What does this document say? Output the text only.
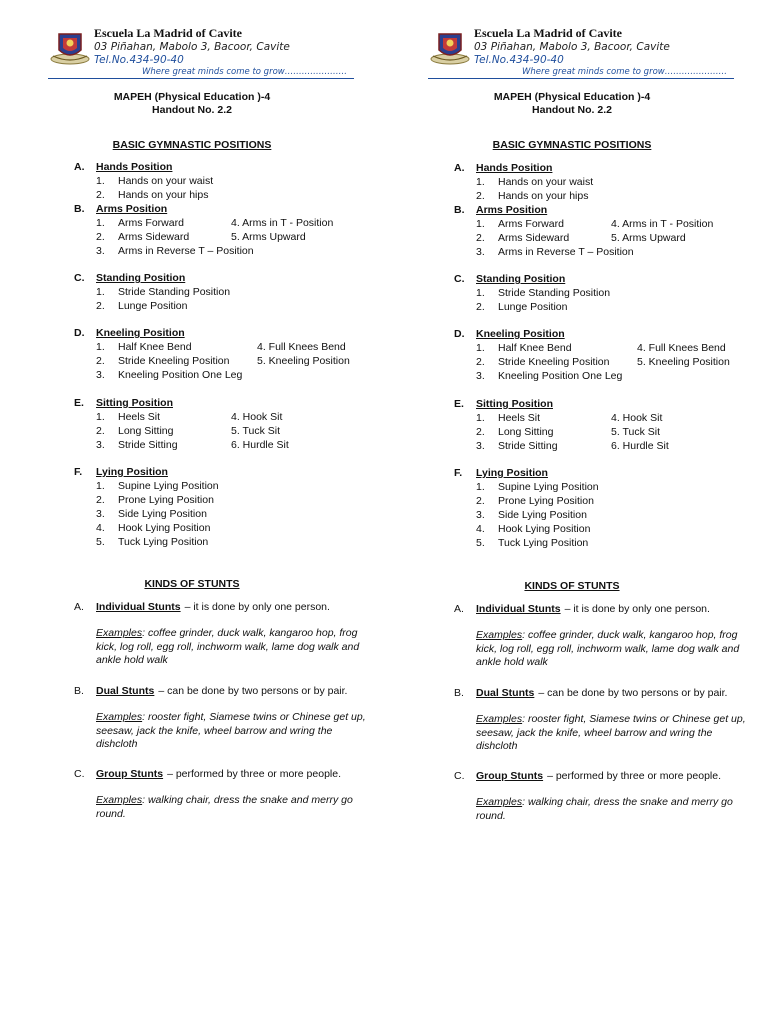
Escuela La Madrid of Cavite
03 Piñahan, Mabolo 3, Bacoor, Cavite
Tel.No.434-90-40
Where great minds come to grow………………….
MAPEH (Physical Education )-4
Handout No. 2.2
BASIC GYMNASTIC POSITIONS
A.	Hands Position
1.	Hands on your waist
2.	Hands on your hips
B.	Arms Position
1.	Arms Forward	4. Arms in T - Position
2.	Arms Sideward	5. Arms Upward
3.	Arms in Reverse T – Position
C.	Standing Position
1.	Stride Standing Position
2.	Lunge Position
D.	Kneeling Position
1.	Half Knee Bend	4. Full Knees Bend
2.	Stride Kneeling Position	5. Kneeling Position
3.	Kneeling Position One Leg
E.	Sitting Position
1.	Heels Sit	4. Hook Sit
2.	Long Sitting	5. Tuck Sit
3.	Stride Sitting	6. Hurdle Sit
F.	Lying Position
1.	Supine Lying Position
2.	Prone Lying Position
3.	Side Lying Position
4.	Hook Lying Position
5.	Tuck Lying Position
KINDS OF STUNTS
A.	Individual Stunts – it is done by only one person.
Examples: coffee grinder, duck walk, kangaroo hop, frog kick, log roll, egg roll, inchworm walk, lame dog walk and ankle hold walk
B.	Dual Stunts – can be done by two persons or by pair.
Examples: rooster fight, Siamese twins or Chinese get up, seesaw, jack the knife, wheel barrow and wring the dishcloth
C.	Group Stunts – performed by three or more people.
Examples: walking chair, dress the snake and merry go round.
Escuela La Madrid of Cavite
03 Piñahan, Mabolo 3, Bacoor, Cavite
Tel.No.434-90-40
Where great minds come to grow………………….
MAPEH (Physical Education )-4
Handout No. 2.2
BASIC GYMNASTIC POSITIONS
A.	Hands Position
1.	Hands on your waist
2.	Hands on your hips
B.	Arms Position
1.	Arms Forward	4. Arms in T - Position
2.	Arms Sideward	5. Arms Upward
3.	Arms in Reverse T – Position
C.	Standing Position
1.	Stride Standing Position
2.	Lunge Position
D.	Kneeling Position
1.	Half Knee Bend	4. Full Knees Bend
2.	Stride Kneeling Position	5. Kneeling Position
3.	Kneeling Position One Leg
E.	Sitting Position
1.	Heels Sit	4. Hook Sit
2.	Long Sitting	5. Tuck Sit
3.	Stride Sitting	6. Hurdle Sit
F.	Lying Position
1.	Supine Lying Position
2.	Prone Lying Position
3.	Side Lying Position
4.	Hook Lying Position
5.	Tuck Lying Position
KINDS OF STUNTS
A.	Individual Stunts – it is done by only one person.
Examples: coffee grinder, duck walk, kangaroo hop, frog kick, log roll, egg roll, inchworm walk, lame dog walk and ankle hold walk
B.	Dual Stunts – can be done by two persons or by pair.
Examples: rooster fight, Siamese twins or Chinese get up, seesaw, jack the knife, wheel barrow and wring the dishcloth
C.	Group Stunts – performed by three or more people.
Examples: walking chair, dress the snake and merry go round.
